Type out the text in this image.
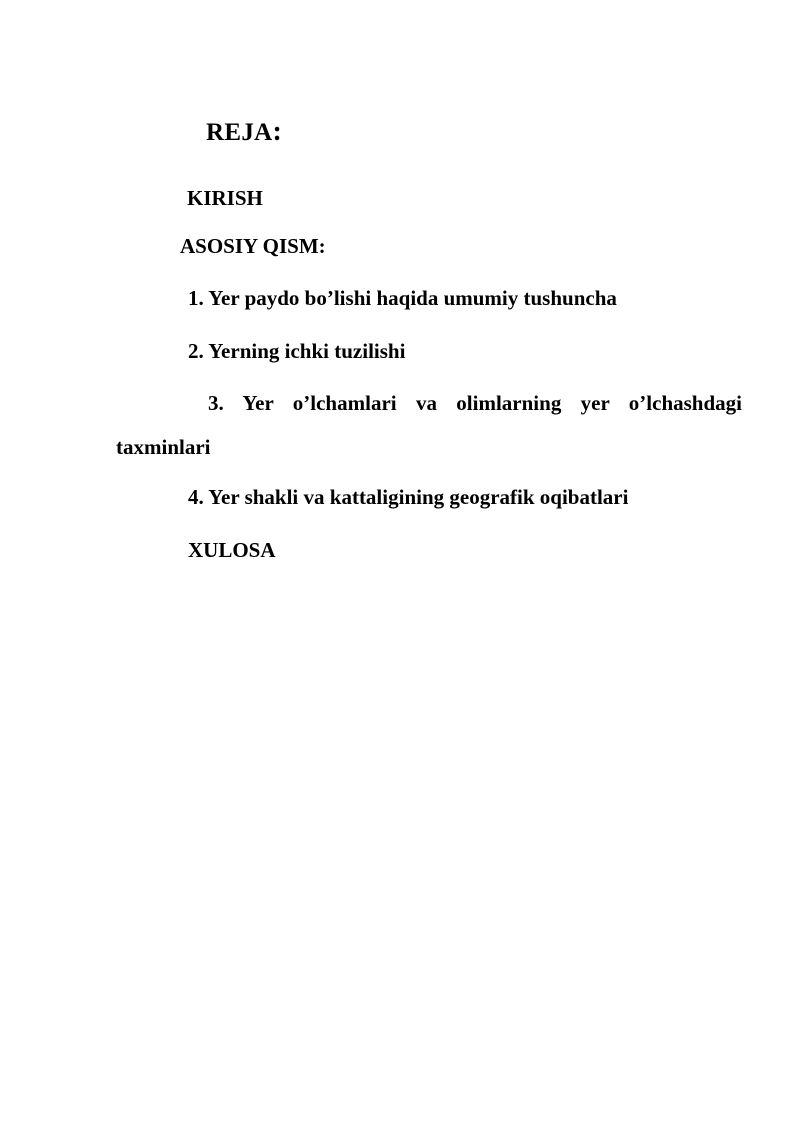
REJA:
KIRISH
ASOSIY QISM:
1. Yer paydo bo’lishi haqida umumiy tushuncha
2. Yerning ichki tuzilishi
3. Yer o’lchamlari va olimlarning yer o’lchashdagi
taxminlari
4. Yer shakli va kattaligining geografik oqibatlari
XULOSA
